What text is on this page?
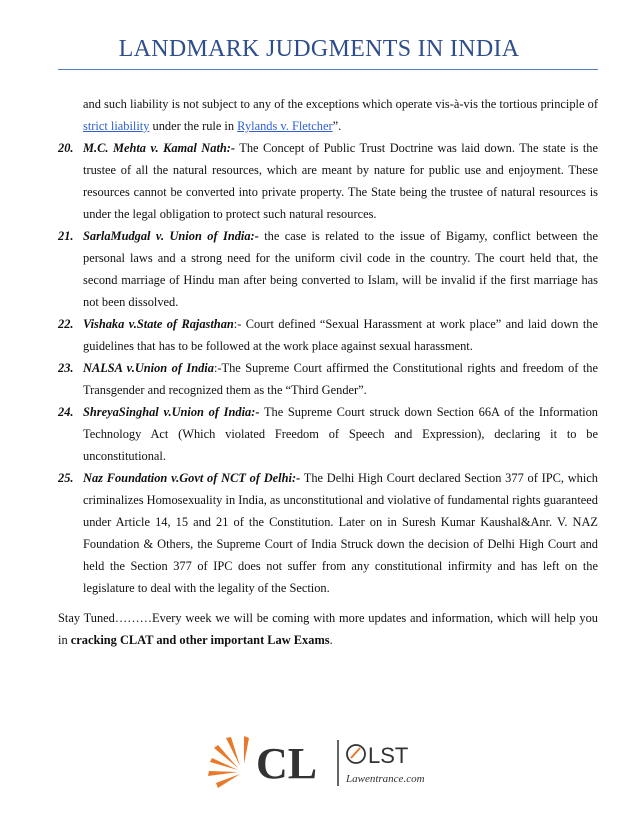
LANDMARK JUDGMENTS IN INDIA

and such liability is not subject to any of the exceptions which operate vis-à-vis the tortious principle of strict liability under the rule in Rylands v. Fletcher”.

20. M.C. Mehta v. Kamal Nath:- The Concept of Public Trust Doctrine was laid down. The state is the trustee of all the natural resources, which are meant by nature for public use and enjoyment. These resources cannot be converted into private property. The State being the trustee of natural resources is under the legal obligation to protect such natural resources.

21. SarlaMudgal v. Union of India:- the case is related to the issue of Bigamy, conflict between the personal laws and a strong need for the uniform civil code in the country. The court held that, the second marriage of Hindu man after being converted to Islam, will be invalid if the first marriage has not been dissolved.

22. Vishaka v.State of Rajasthan:- Court defined “Sexual Harassment at work place” and laid down the guidelines that has to be followed at the work place against sexual harassment.

23. NALSA v.Union of India:-The Supreme Court affirmed the Constitutional rights and freedom of the Transgender and recognized them as the “Third Gender”.

24. ShreyaSinghal v.Union of India:- The Supreme Court struck down Section 66A of the Information Technology Act (Which violated Freedom of Speech and Expression), declaring it to be unconstitutional.

25. Naz Foundation v.Govt of NCT of Delhi:- The Delhi High Court declared Section 377 of IPC, which criminalizes Homosexuality in India, as unconstitutional and violative of fundamental rights guaranteed under Article 14, 15 and 21 of the Constitution. Later on in Suresh Kumar Kaushal&Anr. V. NAZ Foundation & Others, the Supreme Court of India Struck down the decision of Delhi High Court and held the Section 377 of IPC does not suffer from any constitutional infirmity and has left on the legislature to deal with the legality of the Section.

Stay Tuned………Every week we will be coming with more updates and information, which will help you in cracking CLAT and other important Law Exams.

CL LST
Lawentrance.com
